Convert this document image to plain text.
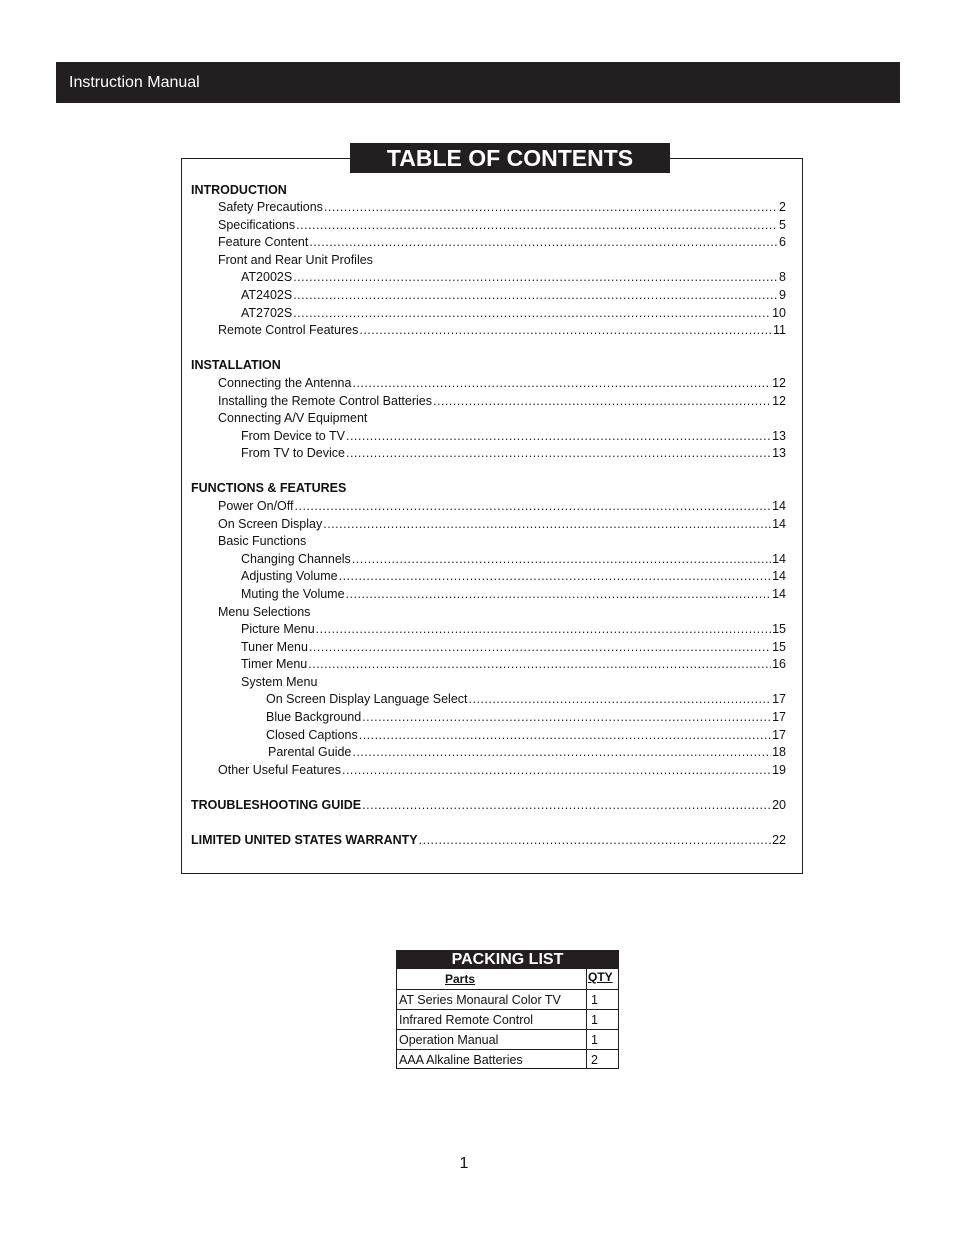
Instruction Manual
TABLE OF CONTENTS
INTRODUCTION
Safety Precautions .....	2
Specifications .....	5
Feature Content .....	6
Front and Rear Unit Profiles
AT2002S .....	8
AT2402S .....	9
AT2702S .....	10
Remote Control Features .....	11
INSTALLATION
Connecting the Antenna .....	12
Installing the Remote Control Batteries .....	12
Connecting A/V Equipment
From Device to TV .....	13
From TV to Device .....	13
FUNCTIONS & FEATURES
Power On/Off .....	14
On Screen Display .....	14
Basic Functions
Changing Channels .....	14
Adjusting Volume .....	14
Muting the Volume .....	14
Menu Selections
Picture Menu .....	15
Tuner Menu .....	15
Timer Menu .....	16
System Menu
On Screen Display Language Select .....	17
Blue Background .....	17
Closed Captions .....	17
Parental Guide .....	18
Other Useful Features .....	19
TROUBLESHOOTING GUIDE .....	20
LIMITED UNITED STATES WARRANTY .....	22
PACKING LIST
Parts	QTY
AT Series Monaural Color TV 1
Infrared Remote Control	1
Operation Manual	1
AAA Alkaline Batteries	2
1
